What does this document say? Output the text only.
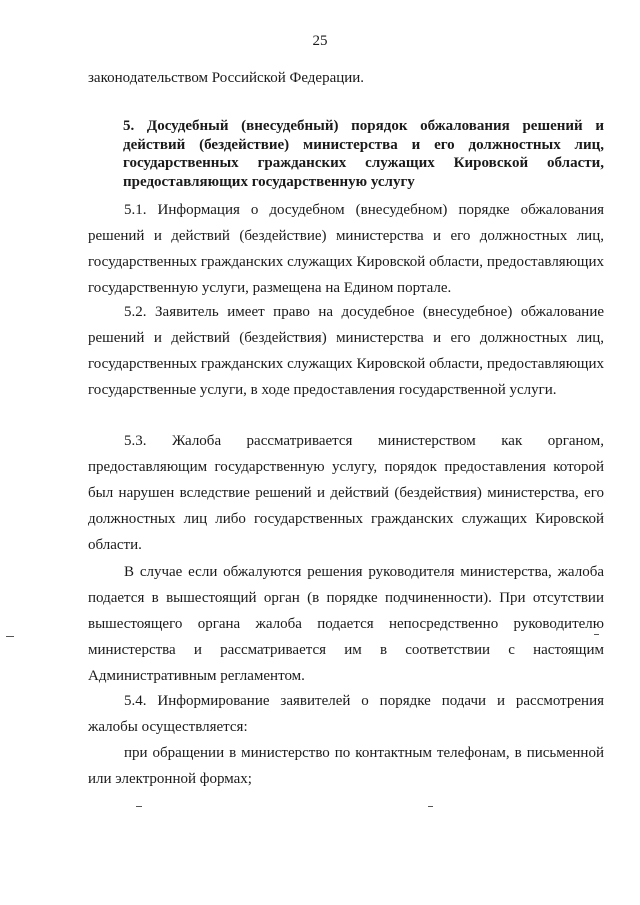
25
законодательством Российской Федерации.
5. Досудебный (внесудебный) порядок обжалования решений и действий (бездействие) министерства и его должностных лиц, государственных гражданских служащих Кировской области, предоставляющих государственную услугу
5.1. Информация о досудебном (внесудебном) порядке обжалования решений и действий (бездействие) министерства и его должностных лиц, государственных гражданских служащих Кировской области, предоставляющих государственную услуги, размещена на Едином портале.
5.2. Заявитель имеет право на досудебное (внесудебное) обжалование решений и действий (бездействия) министерства и его должностных лиц, государственных гражданских служащих Кировской области, предоставляющих государственные услуги, в ходе предоставления государственной услуги.
5.3. Жалоба рассматривается министерством как органом, предоставляющим государственную услугу, порядок предоставления которой был нарушен вследствие решений и действий (бездействия) министерства, его должностных лиц либо государственных гражданских служащих Кировской области.
В случае если обжалуются решения руководителя министерства, жалоба подается в вышестоящий орган (в порядке подчиненности). При отсутствии вышестоящего органа жалоба подается непосредственно руководителю министерства и рассматривается им в соответствии с настоящим Административным регламентом.
5.4. Информирование заявителей о порядке подачи и рассмотрения жалобы осуществляется:
при обращении в министерство по контактным телефонам, в письменной или электронной формах;
